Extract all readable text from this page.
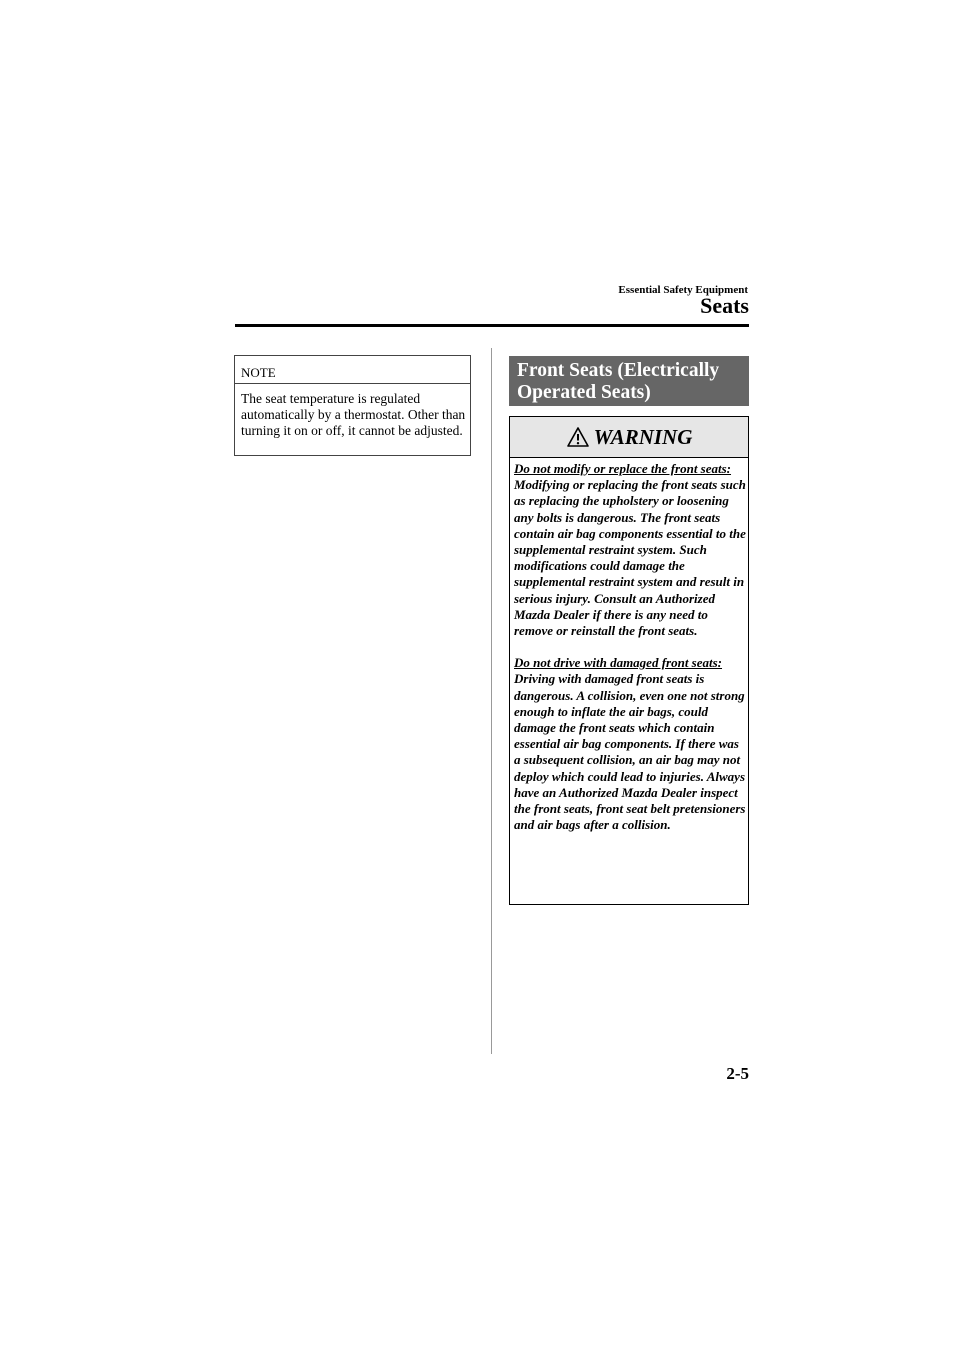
Essential Safety Equipment
Seats
NOTE
The seat temperature is regulated automatically by a thermostat. Other than turning it on or off, it cannot be adjusted.
Front Seats (Electrically Operated Seats)
WARNING

Do not modify or replace the front seats:

Modifying or replacing the front seats such as replacing the upholstery or loosening any bolts is dangerous. The front seats contain air bag components essential to the supplemental restraint system. Such modifications could damage the supplemental restraint system and result in serious injury. Consult an Authorized Mazda Dealer if there is any need to remove or reinstall the front seats.

Do not drive with damaged front seats:

Driving with damaged front seats is dangerous. A collision, even one not strong enough to inflate the air bags, could damage the front seats which contain essential air bag components. If there was a subsequent collision, an air bag may not deploy which could lead to injuries. Always have an Authorized Mazda Dealer inspect the front seats, front seat belt pretensioners and air bags after a collision.

2-5
